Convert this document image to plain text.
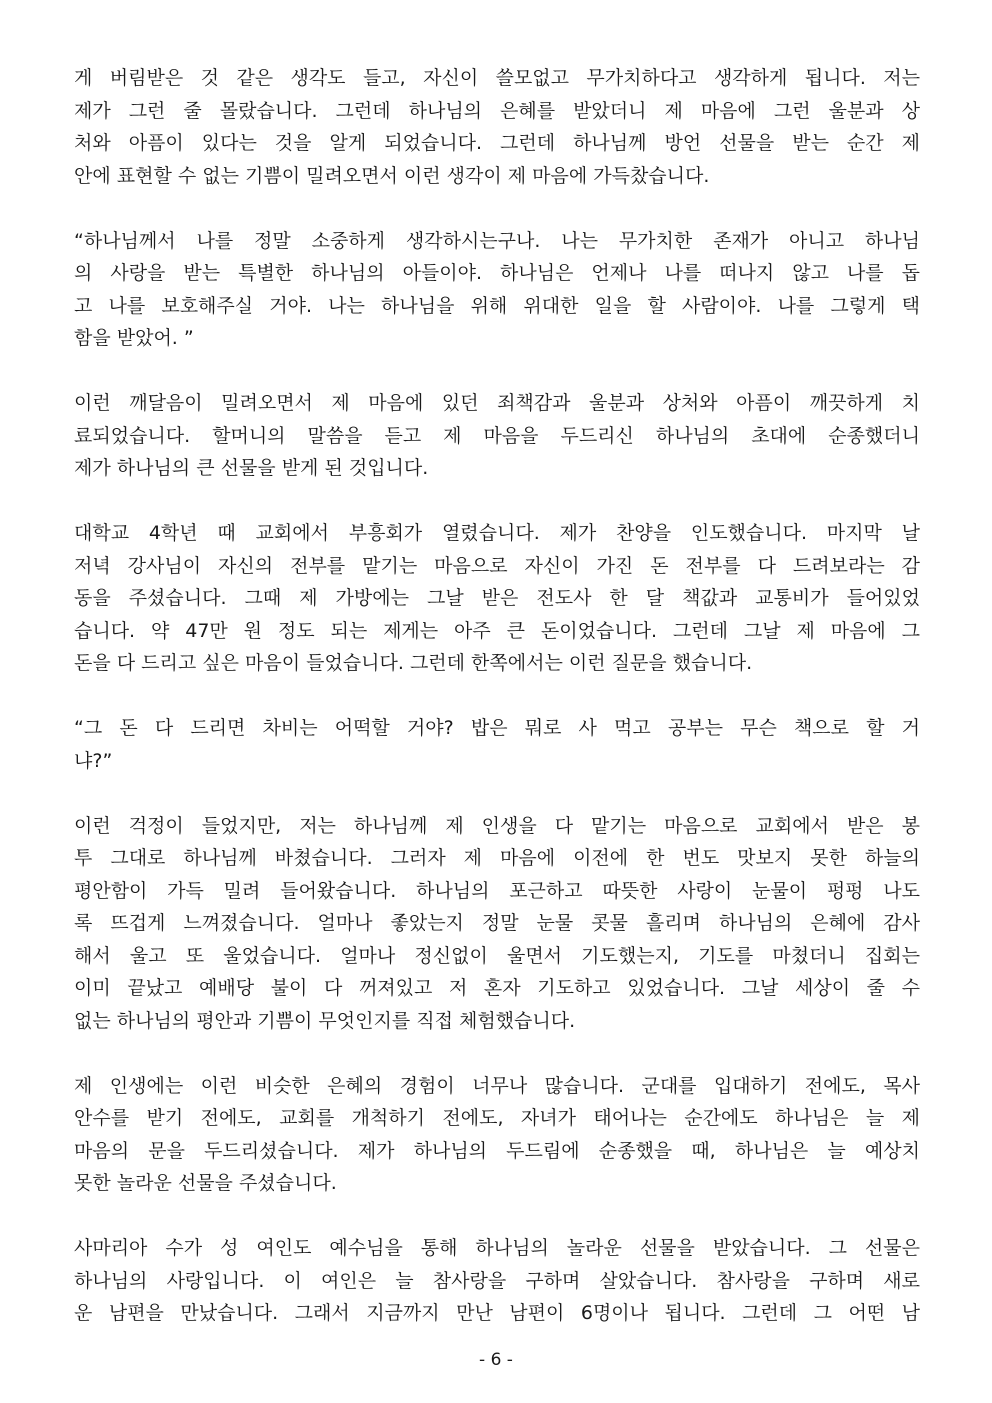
게 버림받은 것 같은 생각도 들고, 자신이 쓸모없고 무가치하다고 생각하게 됩니다. 저는
제가 그런 줄 몰랐습니다. 그런데 하나님의 은혜를 받았더니 제 마음에 그런 울분과 상
처와 아픔이 있다는 것을 알게 되었습니다. 그런데 하나님께 방언 선물을 받는 순간 제
안에 표현할 수 없는 기쁨이 밀려오면서 이런 생각이 제 마음에 가득찼습니다.
“하나님께서 나를 정말 소중하게 생각하시는구나. 나는 무가치한 존재가 아니고 하나님
의 사랑을 받는 특별한 하나님의 아들이야. 하나님은 언제나 나를 떠나지 않고 나를 돕
고 나를 보호해주실 거야. 나는 하나님을 위해 위대한 일을 할 사람이야. 나를 그렇게 택
함을 받았어. ”
이런 깨달음이 밀려오면서 제 마음에 있던 죄책감과 울분과 상처와 아픔이 깨끗하게 치
료되었습니다. 할머니의 말씀을 듣고 제 마음을 두드리신 하나님의 초대에 순종했더니
제가 하나님의 큰 선물을 받게 된 것입니다.
대학교 4학년 때 교회에서 부흥회가 열렸습니다. 제가 찬양을 인도했습니다. 마지막 날
저녁 강사님이 자신의 전부를 맡기는 마음으로 자신이 가진 돈 전부를 다 드려보라는 감
동을 주셨습니다. 그때 제 가방에는 그날 받은 전도사 한 달 책값과 교통비가 들어있었
습니다. 약 47만 원 정도 되는 제게는 아주 큰 돈이었습니다. 그런데 그날 제 마음에 그
돈을 다 드리고 싶은 마음이 들었습니다. 그런데 한쪽에서는 이런 질문을 했습니다.
“그 돈 다 드리면 차비는 어떡할 거야? 밥은 뭐로 사 먹고 공부는 무슨 책으로 할 거
냐?”
이런 걱정이 들었지만, 저는 하나님께 제 인생을 다 맡기는 마음으로 교회에서 받은 봉
투 그대로 하나님께 바쳤습니다. 그러자 제 마음에 이전에 한 번도 맛보지 못한 하늘의
평안함이 가득 밀려 들어왔습니다. 하나님의 포근하고 따뜻한 사랑이 눈물이 펑펑 나도
록 뜨겁게 느껴졌습니다. 얼마나 좋았는지 정말 눈물 콧물 흘리며 하나님의 은혜에 감사
해서 울고 또 울었습니다. 얼마나 정신없이 울면서 기도했는지, 기도를 마쳤더니 집회는
이미 끝났고 예배당 불이 다 꺼져있고 저 혼자 기도하고 있었습니다. 그날 세상이 줄 수
없는 하나님의 평안과 기쁨이 무엇인지를 직접 체험했습니다.
제 인생에는 이런 비슷한 은혜의 경험이 너무나 많습니다. 군대를 입대하기 전에도, 목사
안수를 받기 전에도, 교회를 개척하기 전에도, 자녀가 태어나는 순간에도 하나님은 늘 제
마음의 문을 두드리셨습니다. 제가 하나님의 두드림에 순종했을 때, 하나님은 늘 예상치
못한 놀라운 선물을 주셨습니다.
사마리아 수가 성 여인도 예수님을 통해 하나님의 놀라운 선물을 받았습니다. 그 선물은
하나님의 사랑입니다. 이 여인은 늘 참사랑을 구하며 살았습니다. 참사랑을 구하며 새로
운 남편을 만났습니다. 그래서 지금까지 만난 남편이 6명이나 됩니다. 그런데 그 어떤 남
- 6 -
